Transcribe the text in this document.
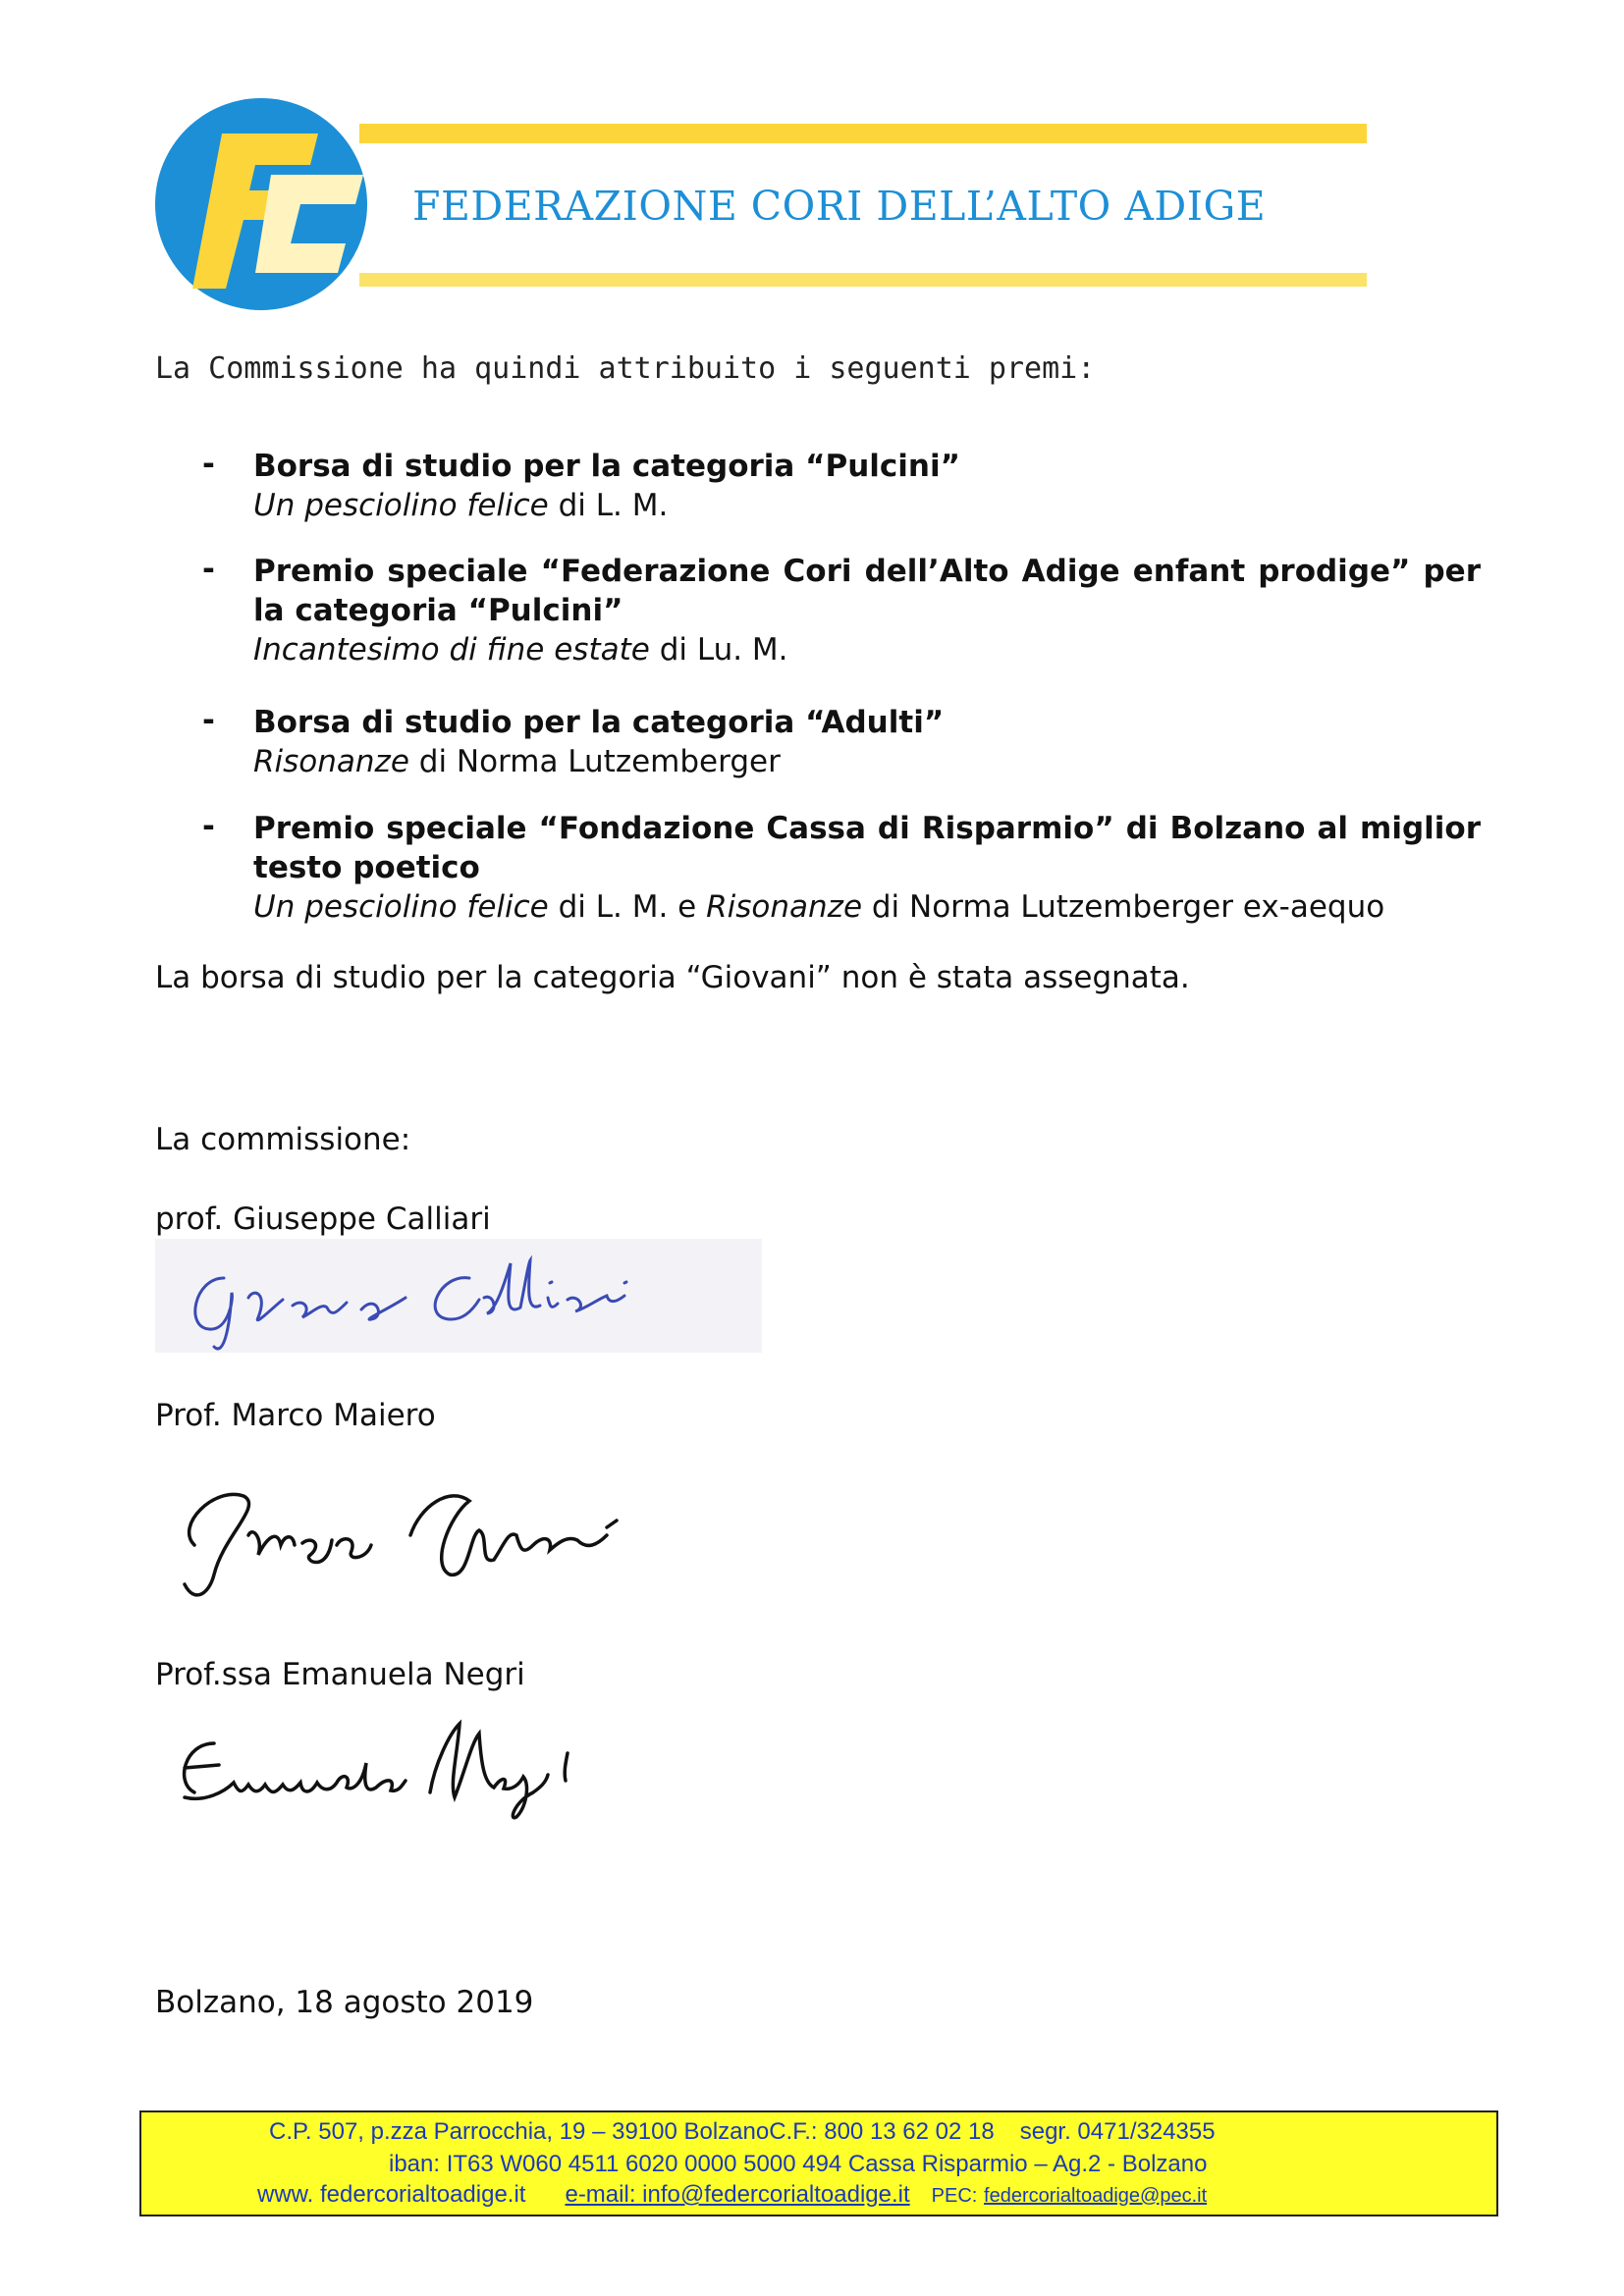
FEDERAZIONE CORI DELL’ALTO ADIGE
La Commissione ha quindi attribuito i seguenti premi:
- Borsa di studio per la categoria “Pulcini”
Un pesciolino felice di L. M.
- Premio speciale “Federazione Cori dell’Alto Adige enfant prodige” per la categoria “Pulcini”
Incantesimo di fine estate di Lu. M.
- Borsa di studio per la categoria “Adulti”
Risonanze di Norma Lutzemberger
- Premio speciale “Fondazione Cassa di Risparmio” di Bolzano al miglior testo poetico
Un pesciolino felice di L. M. e Risonanze di Norma Lutzemberger ex-aequo
La borsa di studio per la categoria “Giovani” non è stata assegnata.
La commissione:
prof. Giuseppe Calliari
Prof. Marco Maiero
Prof.ssa Emanuela Negri
Bolzano, 18 agosto 2019
C.P. 507, p.zza Parrocchia, 19 – 39100 BolzanoC.F.: 800 13 62 02 18 segr. 0471/324355
iban: IT63 W060 4511 6020 0000 5000 494 Cassa Risparmio – Ag.2 - Bolzano
www. federcorialtoadige.it e-mail: info@federcorialtoadige.it PEC: federcorialtoadige@pec.it
